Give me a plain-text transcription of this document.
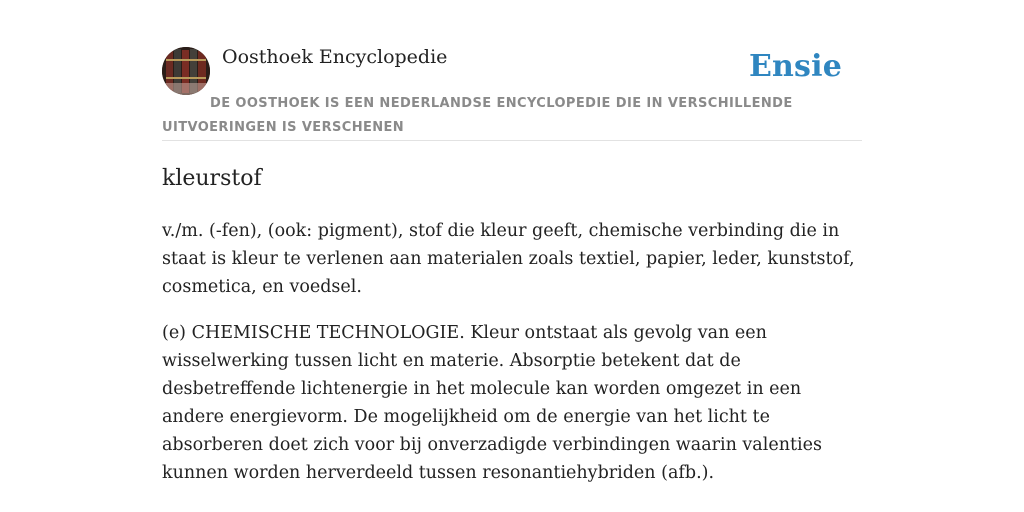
Oosthoek Encyclopedie	Ensie
DE OOSTHOEK IS EEN NEDERLANDSE ENCYCLOPEDIE DIE IN VERSCHILLENDE UITVOERINGEN IS VERSCHENEN
kleurstof

v./m. (-fen), (ook: pigment), stof die kleur geeft, chemische verbinding die in staat is kleur te verlenen aan materialen zoals textiel, papier, leder, kunststof, cosmetica, en voedsel.

(e) CHEMISCHE TECHNOLOGIE. Kleur ontstaat als gevolg van een wisselwerking tussen licht en materie. Absorptie betekent dat de desbetreffende lichtenergie in het molecule kan worden omgezet in een andere energievorm. De mogelijkheid om de energie van het licht te absorberen doet zich voor bij onverzadigde verbindingen waarin valenties kunnen worden herverdeeld tussen resonantiehybriden (afb.).
